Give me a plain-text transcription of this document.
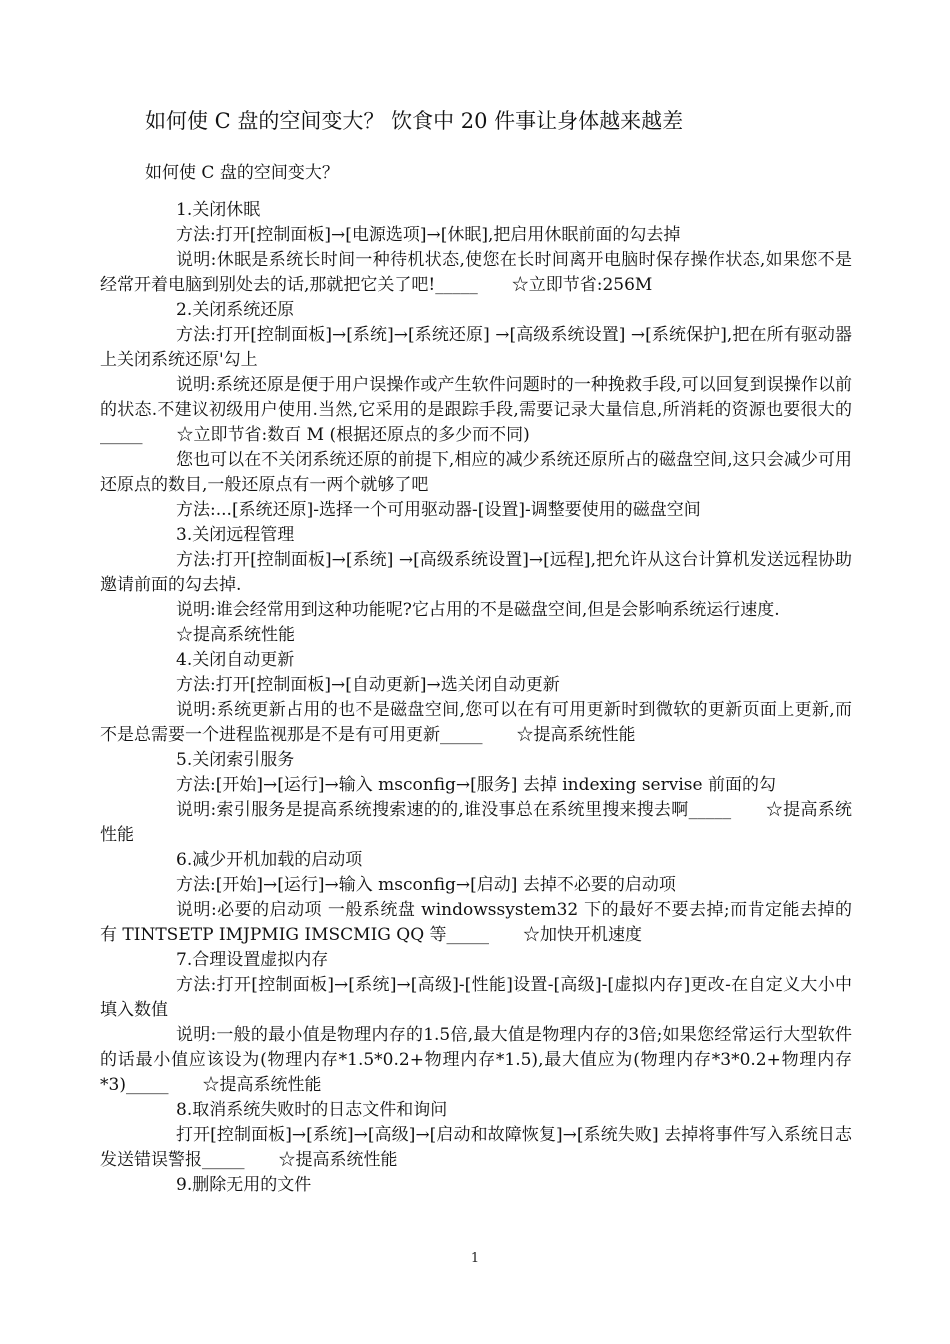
如何使 C 盘的空间变大？ 饮食中 20 件事让身体越来越差
如何使 C 盘的空间变大？
1.关闭休眠

方法:打开[控制面板]→[电源选项]→[休眠],把启用休眠前面的勾去掉

说明:休眠是系统长时间一种待机状态,使您在长时间离开电脑时保存操作状态,如果您不是经常开着电脑到别处去的话,那就把它关了吧!_____　　☆立即节省:256M

2.关闭系统还原

方法:打开[控制面板]→[系统]→[系统还原] →[高级系统设置] →[系统保护],把在所有驱动器上关闭系统还原'勾上

说明:系统还原是便于用户误操作或产生软件问题时的一种挽救手段,可以回复到误操作以前的状态.不建议初级用户使用.当然,它采用的是跟踪手段,需要记录大量信息,所消耗的资源也要很大的_____　　☆立即节省:数百 M (根据还原点的多少而不同)

您也可以在不关闭系统还原的前提下,相应的减少系统还原所占的磁盘空间,这只会减少可用还原点的数目,一般还原点有一两个就够了吧

方法:...[系统还原]-选择一个可用驱动器-[设置]-调整要使用的磁盘空间

3.关闭远程管理

方法:打开[控制面板]→[系统] →[高级系统设置]→[远程],把允许从这台计算机发送远程协助邀请前面的勾去掉.

说明:谁会经常用到这种功能呢?它占用的不是磁盘空间,但是会影响系统运行速度.

☆提高系统性能

4.关闭自动更新

方法:打开[控制面板]→[自动更新]→选关闭自动更新

说明:系统更新占用的也不是磁盘空间,您可以在有可用更新时到微软的更新页面上更新,而不是总需要一个进程监视那是不是有可用更新_____　　☆提高系统性能

5.关闭索引服务

方法:[开始]→[运行]→输入 msconfig→[服务] 去掉 indexing servise 前面的勾

说明:索引服务是提高系统搜索速的的,谁没事总在系统里搜来搜去啊_____　　☆提高系统性能

6.减少开机加载的启动项

方法:[开始]→[运行]→输入 msconfig→[启动] 去掉不必要的启动项

说明:必要的启动项 一般系统盘 windowssystem32 下的最好不要去掉;而肯定能去掉的有 TINTSETP IMJPMIG IMSCMIG QQ 等_____　　☆加快开机速度

7.合理设置虚拟内存

方法:打开[控制面板]→[系统]→[高级]-[性能]设置-[高级]-[虚拟内存]更改-在自定义大小中填入数值

说明:一般的最小值是物理内存的1.5倍,最大值是物理内存的3倍;如果您经常运行大型软件的话最小值应该设为(物理内存*1.5*0.2+物理内存*1.5),最大值应为(物理内存*3*0.2+物理内存*3)_____　　☆提高系统性能

8.取消系统失败时的日志文件和询问

打开[控制面板]→[系统]→[高级]→[启动和故障恢复]→[系统失败] 去掉将事件写入系统日志发送错误警报_____　　☆提高系统性能

9.删除无用的文件
1
